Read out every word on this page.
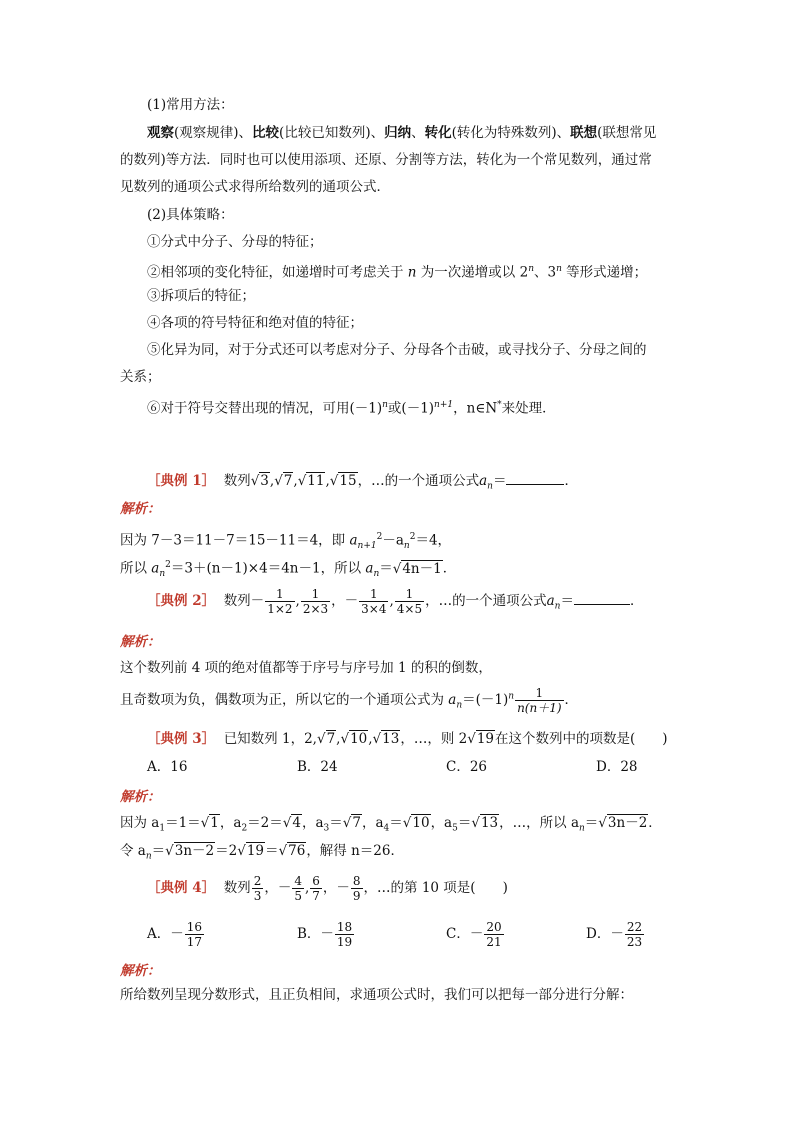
(1)常用方法：
观察(观察规律)、比较(比较已知数列)、归纳、转化(转化为特殊数列)、联想(联想常见
的数列)等方法．同时也可以使用添项、还原、分割等方法，转化为一个常见数列，通过常
见数列的通项公式求得所给数列的通项公式．
(2)具体策略：
①分式中分子、分母的特征；
②相邻项的变化特征，如递增时可考虑关于 n 为一次递增或以 2$^n$、3$^n$ 等形式递增；
③拆项后的特征；
④各项的符号特征和绝对值的特征；
⑤化异为同，对于分式还可以考虑对分子、分母各个击破，或寻找分子、分母之间的
关系；
⑥对于符号交替出现的情况，可用$(-1)^n$或$(-1)^{n+1}$，n∈N*来处理．
［典例 1］ 数列√ 3,√ 7,√ 11,√ 15，…的一个通项公式$a_n=$	．
解析：
因为 7－3＝11－7＝15－11＝4，即 $a_{n+1}^2-a_n^2=4$，
所以 $a_n^2=3+(n-1)\times 4=4n-1$，所以 $a_n=√$ 4n－1．
［典例 2］ 数列－ $\frac{1}{1\times 2}$ , $\frac{1}{2\times 3}$ ，－ $\frac{1}{3\times 4}$ , $\frac{1}{4\times 5}$ ，…的一个通项公式$a_n=$	．
解析：
这个数列前 4 项的绝对值都等于序号与序号加 1 的积的倒数，
且奇数项为负，偶数项为正，所以它的一个通项公式为 $a_n=(-1)^n \frac{1}{n(n+1)}$ ．
［典例 3］ 已知数列 1，2,√ 7,√ 10,√ 13，…，则 2√ 19在这个数列中的项数是(　　)
A．16	B．24	C．26	D．28
解析：
因为 $a_1=1=√$ 1，$a_2=2=√$ 4，$a_3=√$ 7，$a_4=√$ 10，$a_5=√$ 13，…，所以 $a_n=√$ 3n－2．
令 $a_n=√$ 3n－2＝2√ 19＝√ 76，解得 n＝26．
［典例 4］ 数列 $\frac{2}{3}$ ，－ $\frac{4}{5}$ , $\frac{6}{7}$ ，－ $\frac{8}{9}$ ，…的第 10 项是(　　)
A．－ $\frac{16}{17}$	B．－ $\frac{18}{19}$	C．－ $\frac{20}{21}$	D．－ $\frac{22}{23}$
解析：
所给数列呈现分数形式，且正负相间，求通项公式时，我们可以把每一部分进行分解：
